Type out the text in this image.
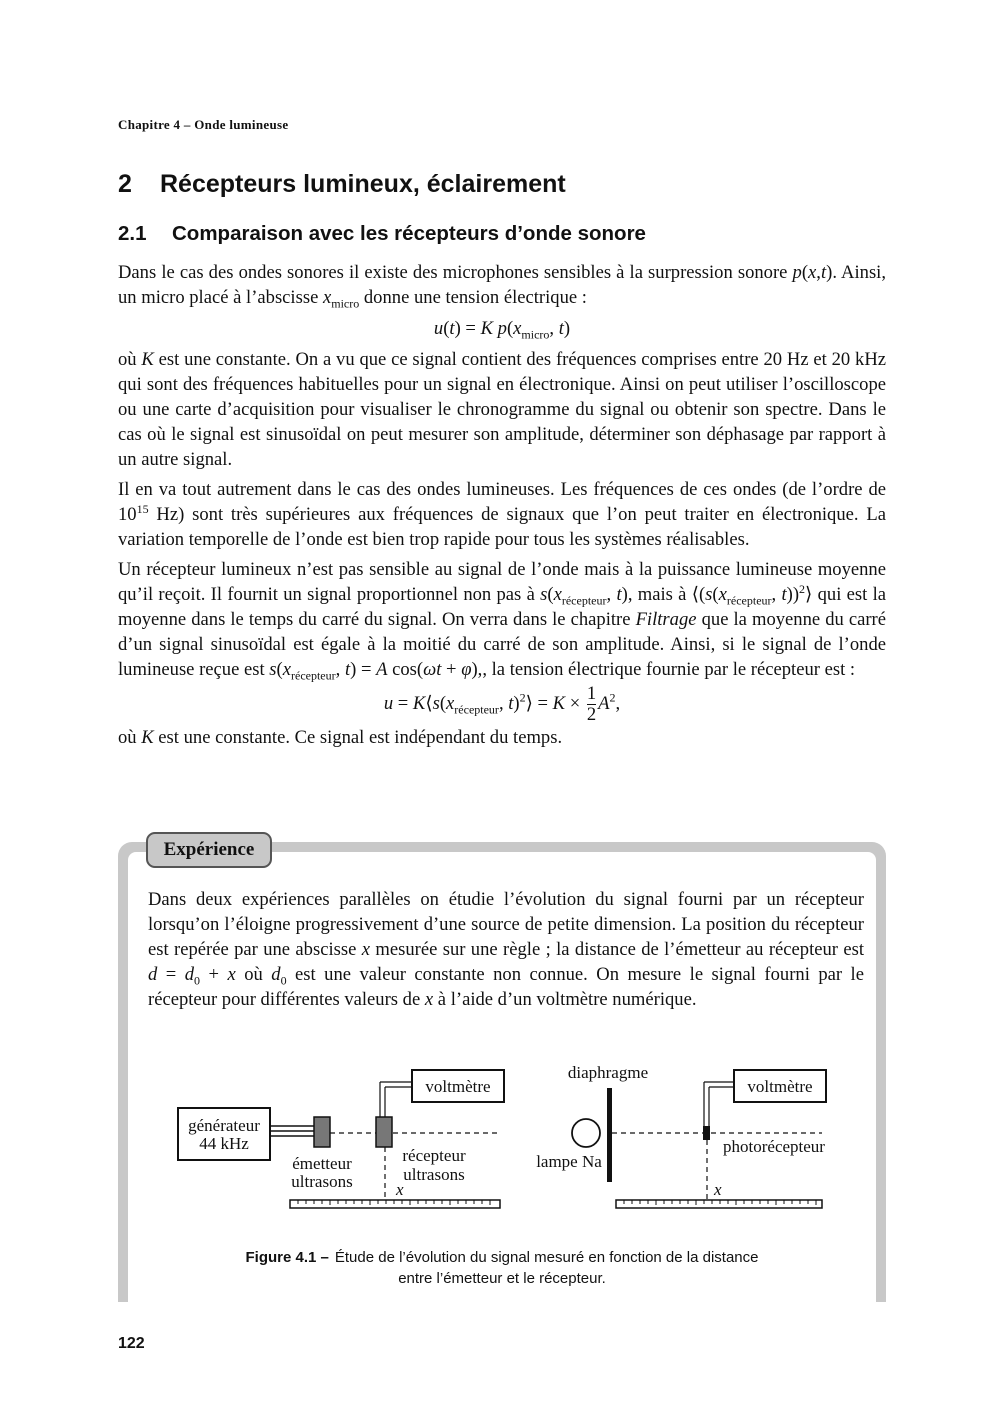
Chapitre 4 – Onde lumineuse
2 Récepteurs lumineux, éclairement
2.1 Comparaison avec les récepteurs d’onde sonore

Dans le cas des ondes sonores il existe des microphones sensibles à la surpression sonore p(x,t). Ainsi, un micro placé à l’abscisse $x_{micro}$ donne une tension électrique :

u(t) = K $p(x_{micro}$, t)

où K est une constante. On a vu que ce signal contient des fréquences comprises entre 20 Hz et 20 kHz qui sont des fréquences habituelles pour un signal en électronique. Ainsi on peut utiliser l’oscilloscope ou une carte d’acquisition pour visualiser le chronogramme du signal ou obtenir son spectre. Dans le cas où le signal est sinusoïdal on peut mesurer son amplitude, déterminer son déphasage par rapport à un autre signal.

Il en va tout autrement dans le cas des ondes lumineuses. Les fréquences de ces ondes (de l’ordre de $10^{15}$ Hz) sont très supérieures aux fréquences de signaux que l’on peut traiter en électronique. La variation temporelle de l’onde est bien trop rapide pour tous les systèmes réalisables.

Un récepteur lumineux n’est pas sensible au signal de l’onde mais à la puissance lumineuse moyenne qu’il reçoit. Il fournit un signal proportionnel non pas à $s(x_{récepteur}$, t), mais à $⟨(s(x_{récepteur}$, t))$^2$⟩ qui est la moyenne dans le temps du carré du signal. On verra dans le chapitre Filtrage que la moyenne du carré d’un signal sinusoïdal est égale à la moitié du carré de son amplitude. Ainsi, si le signal de l’onde lumineuse reçue est $s(x_{récepteur}$, t) = A cos(ωt + φ),, la tension électrique fournie par le récepteur est :

$u = K⟨s(x_{récepteur}$, t)$^2$⟩ = $K \times \frac{1}{2} A^2$,

où K est une constante. Ce signal est indépendant du temps.

Dans deux expériences parallèles on étudie l’évolution du signal fourni par un récepteur lorsqu’on l’éloigne progressivement d’une source de petite dimension. La position du récepteur est repérée par une abscisse x mesurée sur une règle ; la distance de l’émetteur au récepteur est $d = d_0 + x$ où $d_0$ est une valeur constante non connue. On mesure le signal fourni par le récepteur pour différentes valeurs de x à l’aide d’un voltmètre numérique.
Figure 4.1 – Étude de l’évolution du signal mesuré en fonction de la distance
entre l’émetteur et le récepteur.
Expérience
générateur
44 kHz
voltmètre
émetteur
ultrasons
récepteur
ultrasons
x
diaphragme
lampe Na
voltmètre
photorécepteur
x
122
